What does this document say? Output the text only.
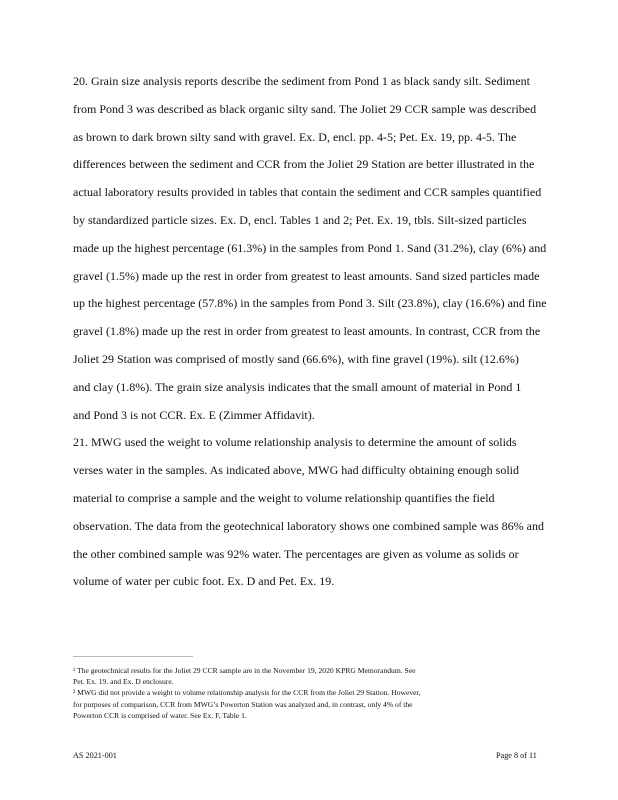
20. Grain size analysis reports describe the sediment from Pond 1 as black sandy silt. Sediment
from Pond 3 was described as black organic silty sand. The Joliet 29 CCR sample was described
as brown to dark brown silty sand with gravel. Ex. D, encl. pp. 4-5; Pet. Ex. 19, pp. 4-5. The
differences between the sediment and CCR from the Joliet 29 Station are better illustrated in the
actual laboratory results provided in tables that contain the sediment and CCR samples quantified
by standardized particle sizes. Ex. D, encl. Tables 1 and 2; Pet. Ex. 19, tbls. Silt-sized particles
made up the highest percentage (61.3%) in the samples from Pond 1. Sand (31.2%), clay (6%) and
gravel (1.5%) made up the rest in order from greatest to least amounts. Sand sized particles made
up the highest percentage (57.8%) in the samples from Pond 3. Silt (23.8%), clay (16.6%) and fine
gravel (1.8%) made up the rest in order from greatest to least amounts. In contrast, CCR from the
Joliet 29 Station was comprised of mostly sand (66.6%), with fine gravel (19%). silt (12.6%)
and clay (1.8%). The grain size analysis indicates that the small amount of material in Pond 1
and Pond 3 is not CCR. Ex. E (Zimmer Affidavit).
21. MWG used the weight to volume relationship analysis to determine the amount of solids
verses water in the samples. As indicated above, MWG had difficulty obtaining enough solid
material to comprise a sample and the weight to volume relationship quantifies the field
observation. The data from the geotechnical laboratory shows one combined sample was 86% and
the other combined sample was 92% water. The percentages are given as volume as solids or
volume of water per cubic foot. Ex. D and Pet. Ex. 19.
¹ The geotechnical results for the Joliet 29 CCR sample are in the November 19, 2020 KPRG Memorandum. See
Pet. Ex. 19. and Ex. D enclosure.
² MWG did not provide a weight to volume relationship analysis for the CCR from the Joliet 29 Station. However,
for purposes of comparison, CCR from MWG’s Powerton Station was analyzed and, in contrast, only 4% of the
Powerton CCR is comprised of water. See Ex. F, Table 1.
AS 2021-001	Page 8 of 11
